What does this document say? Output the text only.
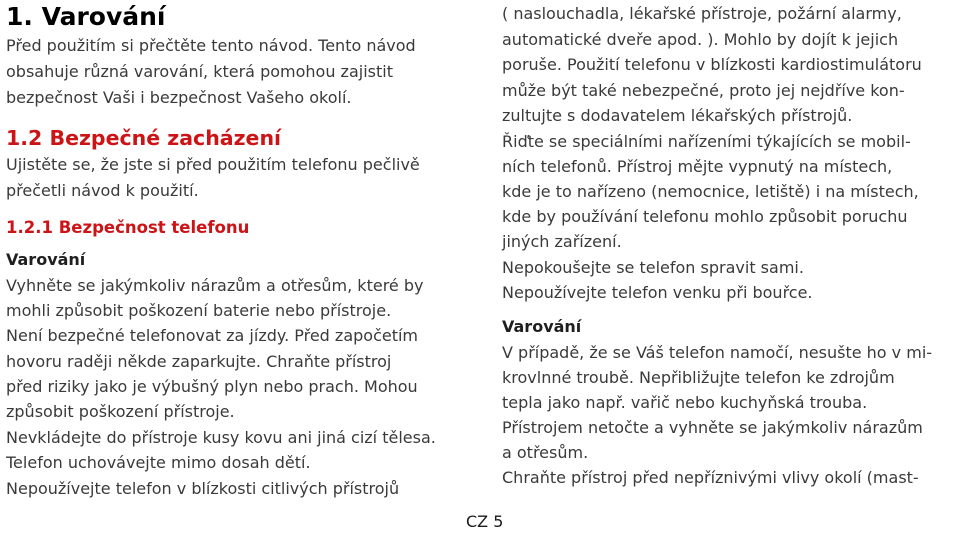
1. Varování
Před použitím si přečtěte tento návod. Tento návod
obsahuje různá varování, která pomohou zajistit
bezpečnost Vaši i bezpečnost Vašeho okolí.
1.2 Bezpečné zacházení
Ujistěte se, že jste si před použitím telefonu pečlivě
přečetli návod k použití.
1.2.1 Bezpečnost telefonu
Varování
Vyhněte se jakýmkoliv nárazům a otřesům, které by
mohli způsobit poškození baterie nebo přístroje.
Není bezpečné telefonovat za jízdy. Před započetím
hovoru raději někde zaparkujte. Chraňte přístroj
před riziky jako je výbušný plyn nebo prach. Mohou
způsobit poškození přístroje.
Nevkládejte do přístroje kusy kovu ani jiná cizí tělesa.
Telefon uchovávejte mimo dosah dětí.
Nepoužívejte telefon v blízkosti citlivých přístrojů
( naslouchadla, lékařské přístroje, požární alarmy,
automatické dveře apod. ). Mohlo by dojít k jejich
poruše. Použití telefonu v blízkosti kardiostimulátoru
může být také nebezpečné, proto jej nejdříve kon-
zultujte s dodavatelem lékařských přístrojů.
Řiďte se speciálními nařízeními týkajících se mobil-
ních telefonů. Přístroj mějte vypnutý na místech,
kde je to nařízeno (nemocnice, letiště) i na místech,
kde by používání telefonu mohlo způsobit poruchu
jiných zařízení.
Nepokoušejte se telefon spravit sami.
Nepoužívejte telefon venku při bouřce.
Varování
V případě, že se Váš telefon namočí, nesušte ho v mi-
krovlnné troubě. Nepřibližujte telefon ke zdrojům
tepla jako např. vařič nebo kuchyňská trouba.
Přístrojem netočte a vyhněte se jakýmkoliv nárazům
a otřesům.
Chraňte přístroj před nepříznivými vlivy okolí (mast-
CZ 5
